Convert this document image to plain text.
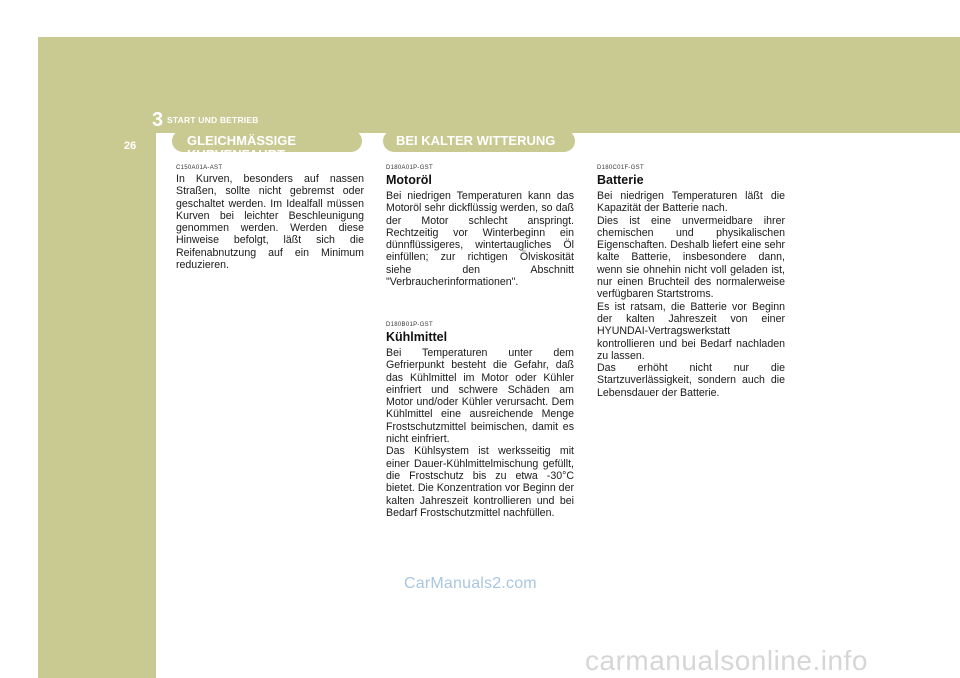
3 START UND BETRIEB
26	GLEICHMÄSSIGE KURVENFAHRT
BEI KALTER WITTERUNG
C150A01A-AST

In Kurven, besonders auf nassen Straßen, sollte nicht gebremst oder geschaltet werden. Im Idealfall müssen Kurven bei leichter Beschleunigung genommen werden. Werden diese Hinweise befolgt, läßt sich die Reifenabnutzung auf ein Minimum reduzieren.

D180A01P-GST
Motoröl

Bei niedrigen Temperaturen kann das Motoröl sehr dickflüssig werden, so daß der Motor schlecht anspringt. Rechtzeitig vor Winterbeginn ein dünnflüssigeres, wintertaugliches Öl einfüllen; zur richtigen Ölviskosität siehe den Abschnitt "Verbraucherinformationen".

D180B01P-GST
Kühlmittel

Bei Temperaturen unter dem Gefrierpunkt besteht die Gefahr, daß das Kühlmittel im Motor oder Kühler einfriert und schwere Schäden am Motor und/oder Kühler verursacht. Dem Kühlmittel eine ausreichende Menge Frostschutzmittel beimischen, damit es nicht einfriert.
Das Kühlsystem ist werksseitig mit einer Dauer-Kühlmittelmischung gefüllt, die Frostschutz bis zu etwa -30°C bietet. Die Konzentration vor Beginn der kalten Jahreszeit kontrollieren und bei Bedarf Frostschutzmittel nachfüllen.

D180C01F-GST
Batterie

Bei niedrigen Temperaturen läßt die Kapazität der Batterie nach.
Dies ist eine unvermeidbare ihrer chemischen und physikalischen Eigenschaften. Deshalb liefert eine sehr kalte Batterie, insbesondere dann, wenn sie ohnehin nicht voll geladen ist, nur einen Bruchteil des normalerweise verfügbaren Startstroms.
Es ist ratsam, die Batterie vor Beginn der kalten Jahreszeit von einer HYUNDAI-Vertragswerkstatt kontrollieren und bei Bedarf nachladen zu lassen.
Das erhöht nicht nur die Startzuverlässigkeit, sondern auch die Lebensdauer der Batterie.

CarManuals2.com
carmanualsonline.info
